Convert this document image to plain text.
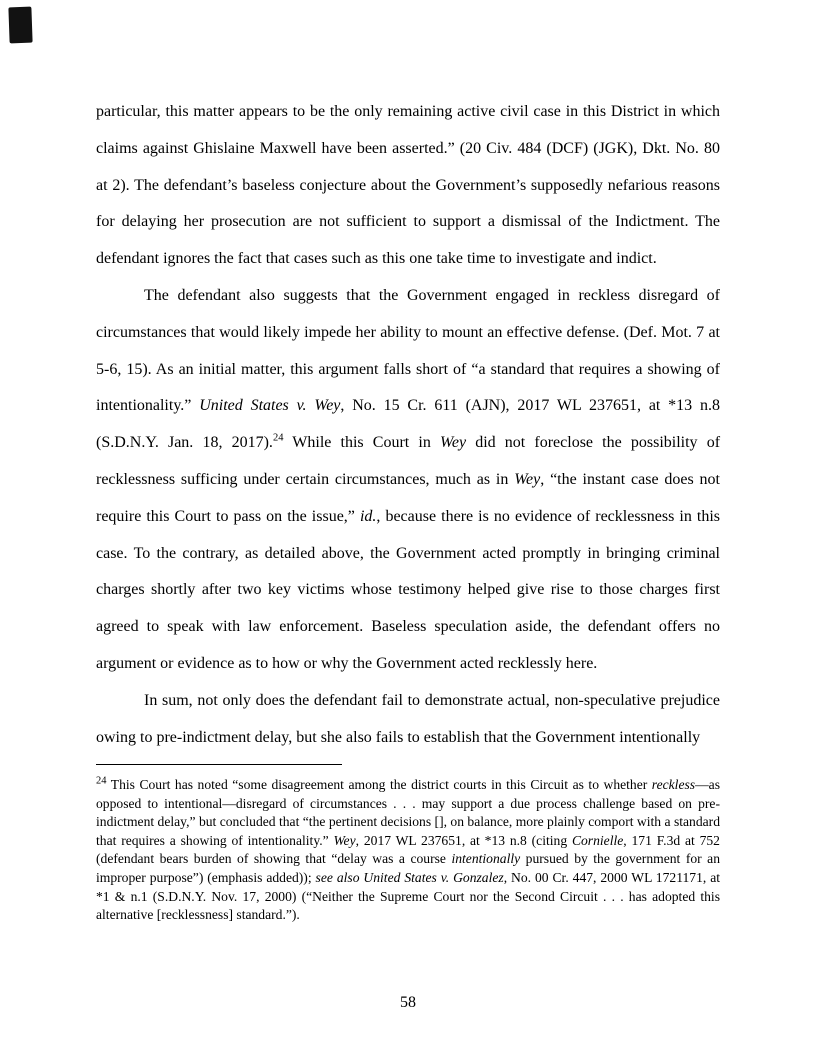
particular, this matter appears to be the only remaining active civil case in this District in which claims against Ghislaine Maxwell have been asserted.” (20 Civ. 484 (DCF) (JGK), Dkt. No. 80 at 2). The defendant’s baseless conjecture about the Government’s supposedly nefarious reasons for delaying her prosecution are not sufficient to support a dismissal of the Indictment. The defendant ignores the fact that cases such as this one take time to investigate and indict.

The defendant also suggests that the Government engaged in reckless disregard of circumstances that would likely impede her ability to mount an effective defense. (Def. Mot. 7 at 5-6, 15). As an initial matter, this argument falls short of “a standard that requires a showing of intentionality.” United States v. Wey, No. 15 Cr. 611 (AJN), 2017 WL 237651, at *13 n.8 (S.D.N.Y. Jan. 18, 2017).$^{24}$ While this Court in Wey did not foreclose the possibility of recklessness sufficing under certain circumstances, much as in Wey, “the instant case does not require this Court to pass on the issue,” id., because there is no evidence of recklessness in this case. To the contrary, as detailed above, the Government acted promptly in bringing criminal charges shortly after two key victims whose testimony helped give rise to those charges first agreed to speak with law enforcement. Baseless speculation aside, the defendant offers no argument or evidence as to how or why the Government acted recklessly here.

In sum, not only does the defendant fail to demonstrate actual, non-speculative prejudice owing to pre-indictment delay, but she also fails to establish that the Government intentionally

$^{24}$ This Court has noted “some disagreement among the district courts in this Circuit as to whether reckless—as opposed to intentional—disregard of circumstances . . . may support a due process challenge based on pre-indictment delay,” but concluded that “the pertinent decisions [], on balance, more plainly comport with a standard that requires a showing of intentionality.” Wey, 2017 WL 237651, at *13 n.8 (citing Cornielle, 171 F.3d at 752 (defendant bears burden of showing that “delay was a course intentionally pursued by the government for an improper purpose”) (emphasis added)); see also United States v. Gonzalez, No. 00 Cr. 447, 2000 WL 1721171, at *1 & n.1 (S.D.N.Y. Nov. 17, 2000) (“Neither the Supreme Court nor the Second Circuit . . . has adopted this alternative [recklessness] standard.”).
58
